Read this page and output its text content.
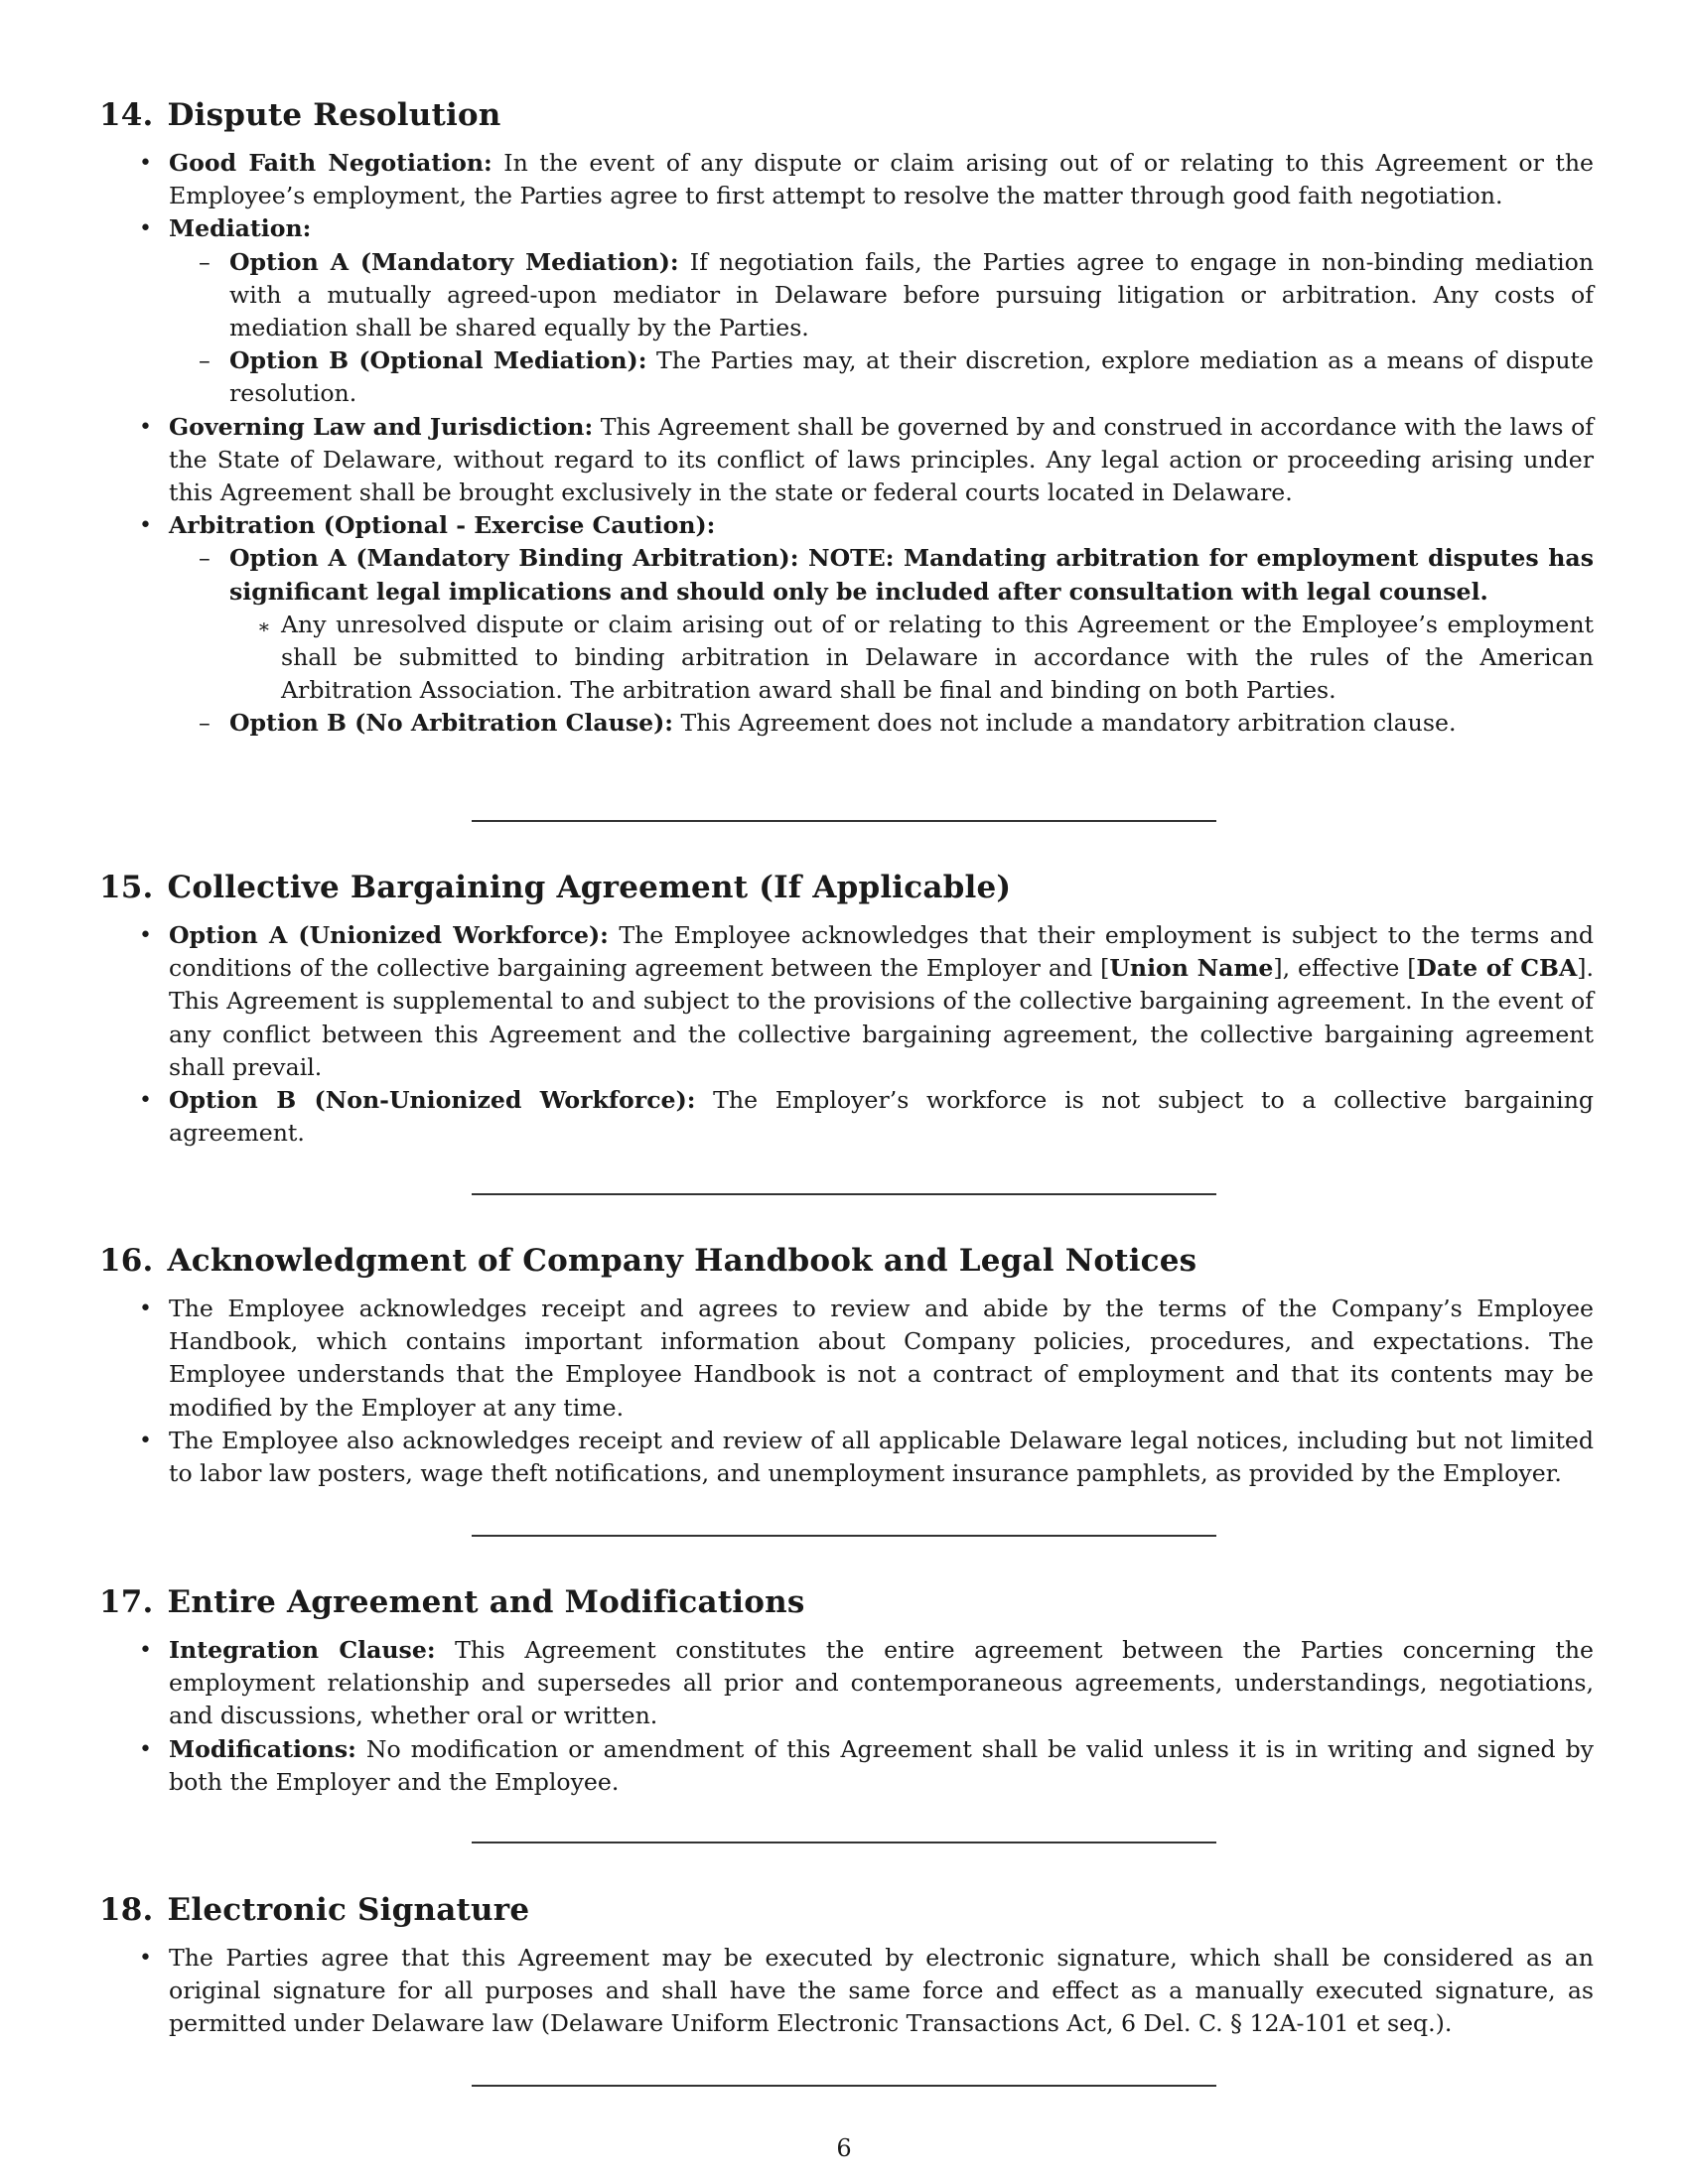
14. Dispute Resolution
• Good Faith Negotiation: In the event of any dispute or claim arising out of or relating to this Agreement or the Employee’s employment, the Parties agree to first attempt to resolve the matter through good faith negotiation.
• Mediation:
– Option A (Mandatory Mediation): If negotiation fails, the Parties agree to engage in non-binding mediation with a mutually agreed-upon mediator in Delaware before pursuing litigation or arbitration. Any costs of mediation shall be shared equally by the Parties.
– Option B (Optional Mediation): The Parties may, at their discretion, explore mediation as a means of dispute resolution.
• Governing Law and Jurisdiction: This Agreement shall be governed by and construed in accordance with the laws of the State of Delaware, without regard to its conflict of laws principles. Any legal action or proceeding arising under this Agreement shall be brought exclusively in the state or federal courts located in Delaware.
• Arbitration (Optional - Exercise Caution):
– Option A (Mandatory Binding Arbitration): NOTE: Mandating arbitration for employment disputes has significant legal implications and should only be included after consultation with legal counsel.
∗ Any unresolved dispute or claim arising out of or relating to this Agreement or the Employee’s employment shall be submitted to binding arbitration in Delaware in accordance with the rules of the American Arbitration Association. The arbitration award shall be final and binding on both Parties.
– Option B (No Arbitration Clause): This Agreement does not include a mandatory arbitration clause.
15. Collective Bargaining Agreement (If Applicable)
• Option A (Unionized Workforce): The Employee acknowledges that their employment is subject to the terms and conditions of the collective bargaining agreement between the Employer and [Union Name], effective [Date of CBA]. This Agreement is supplemental to and subject to the provisions of the collective bargaining agreement. In the event of any conflict between this Agreement and the collective bargaining agreement, the collective bargaining agreement shall prevail.
• Option B (Non-Unionized Workforce): The Employer’s workforce is not subject to a collective bargaining agreement.
16. Acknowledgment of Company Handbook and Legal Notices
• The Employee acknowledges receipt and agrees to review and abide by the terms of the Company’s Employee Handbook, which contains important information about Company policies, procedures, and expectations. The Employee understands that the Employee Handbook is not a contract of employment and that its contents may be modified by the Employer at any time.
• The Employee also acknowledges receipt and review of all applicable Delaware legal notices, including but not limited to labor law posters, wage theft notifications, and unemployment insurance pamphlets, as provided by the Employer.
17. Entire Agreement and Modifications
• Integration Clause: This Agreement constitutes the entire agreement between the Parties concerning the employment relationship and supersedes all prior and contemporaneous agreements, understandings, negotiations, and discussions, whether oral or written.
• Modifications: No modification or amendment of this Agreement shall be valid unless it is in writing and signed by both the Employer and the Employee.
18. Electronic Signature
• The Parties agree that this Agreement may be executed by electronic signature, which shall be considered as an original signature for all purposes and shall have the same force and effect as a manually executed signature, as permitted under Delaware law (Delaware Uniform Electronic Transactions Act, 6 Del. C. § 12A-101 et seq.).
6
